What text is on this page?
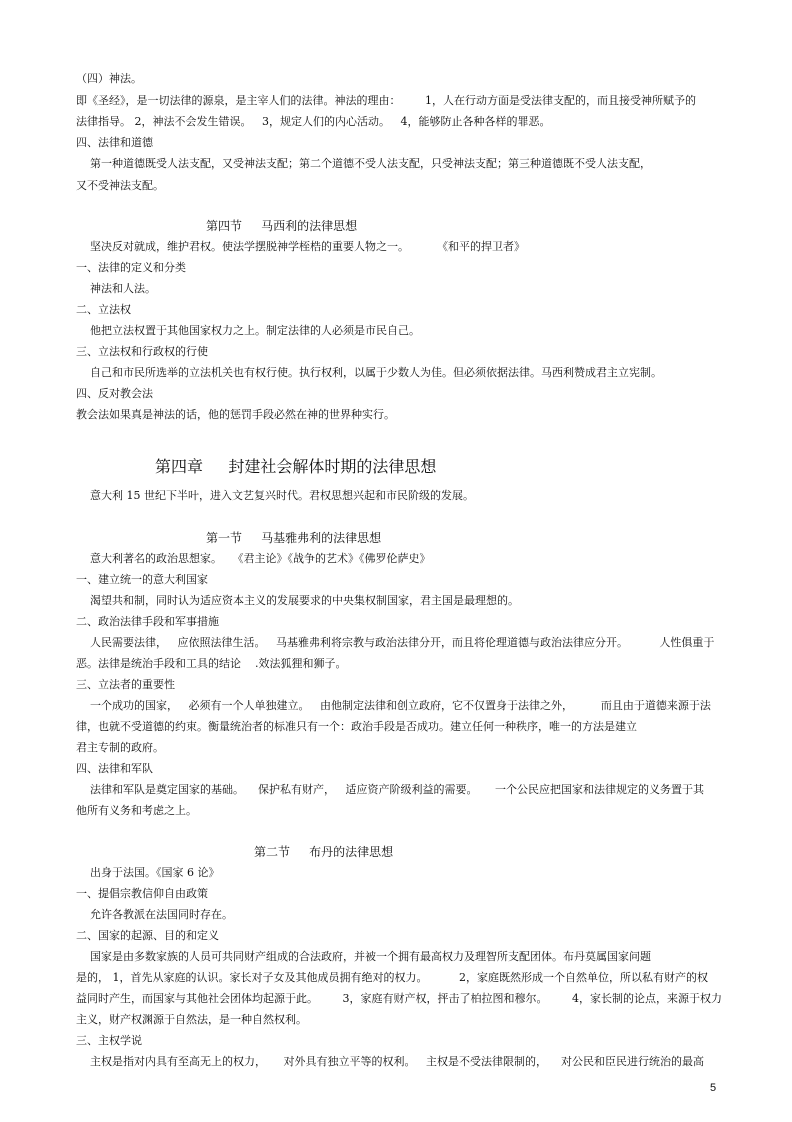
（四）神法。
即《圣经》，是一切法律的源泉，是主宰人们的法律。神法的理由：       1，人在行动方面是受法律支配的，而且接受神所赋予的
法律指导。 2，神法不会发生错误。   3，规定人们的内心活动。   4，能够防止各种各样的罪恶。
四、法律和道德
第一种道德既受人法支配，又受神法支配；第二个道德不受人法支配，只受神法支配；第三种道德既不受人法支配，
又不受神法支配。
第四节     马西利的法律思想
坚决反对就成，维护君权。使法学摆脱神学桎梏的重要人物之一。        《和平的捍卫者》
一、法律的定义和分类
神法和人法。
二、立法权
他把立法权置于其他国家权力之上。制定法律的人必须是市民自己。
三、立法权和行政权的行使
自己和市民所选举的立法机关也有权行使。执行权利，以属于少数人为佳。但必须依据法律。马西利赞成君主立宪制。
四、反对教会法
教会法如果真是神法的话，他的惩罚手段必然在神的世界种实行。
第四章     封建社会解体时期的法律思想
意大利 15 世纪下半叶，进入文艺复兴时代。君权思想兴起和市民阶级的发展。
第一节     马基雅弗利的法律思想
意大利著名的政治思想家。   《君主论》《战争的艺术》《佛罗伦萨史》
一、建立统一的意大利国家
渴望共和制，同时认为适应资本主义的发展要求的中央集权制国家，君主国是最理想的。
二、政治法律手段和军事措施
人民需要法律，   应依照法律生活。   马基雅弗利将宗教与政治法律分开，而且将伦理道德与政治法律应分开。         人性俱重于
恶。法律是统治手段和工具的结论    .效法狐狸和狮子。
三、立法者的重要性
一个成功的国家，   必须有一个人单独建立。   由他制定法律和创立政府，它不仅置身于法律之外，        而且由于道德来源于法
律，也就不受道德的约束。衡量统治者的标准只有一个：政治手段是否成功。建立任何一种秩序，唯一的方法是建立
君主专制的政府。
四、法律和军队
法律和军队是奠定国家的基础。    保护私有财产，   适应资产阶级利益的需要。     一个公民应把国家和法律规定的义务置于其
他所有义务和考虑之上。
第二节     布丹的法律思想
出身于法国。《国家 6 论》
一、提倡宗教信仰自由政策
允许各教派在法国同时存在。
二、国家的起源、目的和定义
国家是由多数家族的人员可共同财产组成的合法政府，并被一个拥有最高权力及理智所支配团体。布丹莫属国家问题
是的， 1，首先从家庭的认识。家长对子女及其他成员拥有绝对的权力。         2，家庭既然形成一个自然单位，所以私有财产的权
益同时产生，而国家与其他社会团体均起源于此。       3，家庭有财产权，抨击了柏拉图和穆尔。       4，家长制的论点，来源于权力
主义，财产权渊源于自然法，是一种自然权利。
三、主权学说
主权是指对内具有至高无上的权力，     对外具有独立平等的权利。   主权是不受法律限制的，    对公民和臣民进行统治的最高
5
